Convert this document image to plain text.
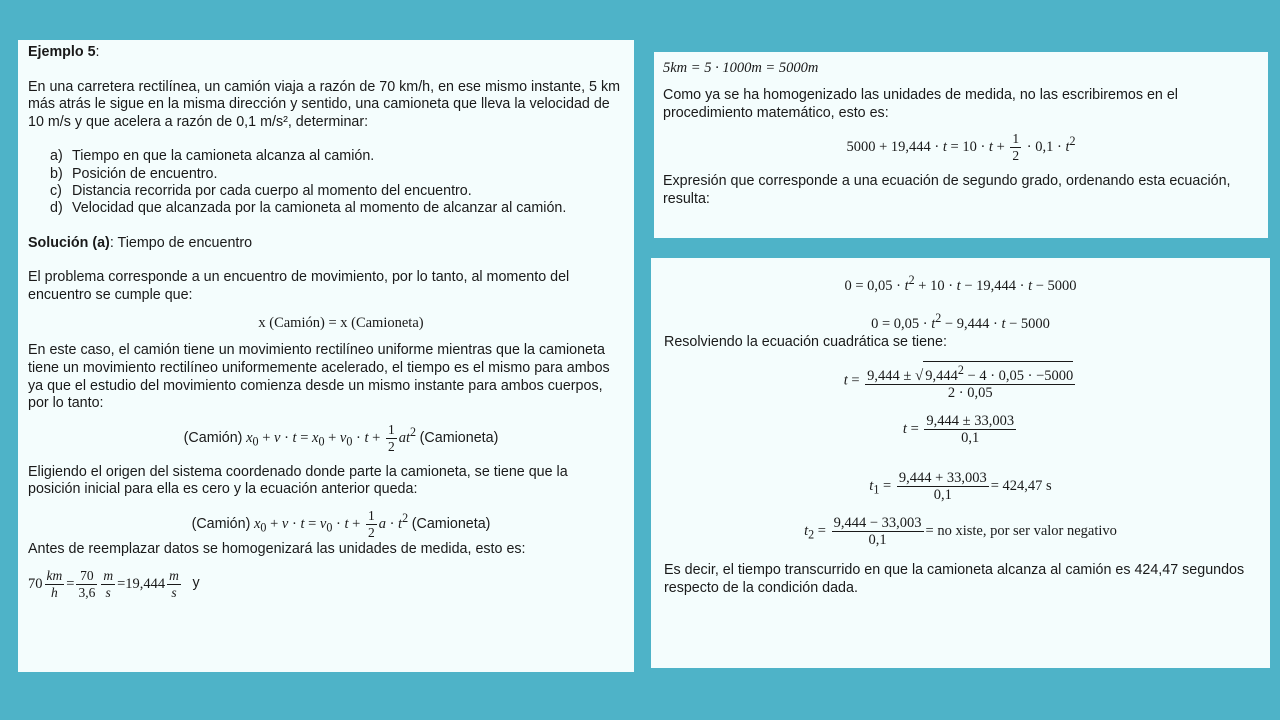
Ejemplo 5:

En una carretera rectilínea, un camión viaja a razón de 70 km/h, en ese mismo instante, 5 km más atrás le sigue en la misma dirección y sentido, una camioneta que lleva la velocidad de 10 m/s y que acelera a razón de 0,1 m/s², determinar:

a) Tiempo en que la camioneta alcanza al camión.
b) Posición de encuentro.
c) Distancia recorrida por cada cuerpo al momento del encuentro.
d) Velocidad que alcanzada por la camioneta al momento de alcanzar al camión.

Solución (a): Tiempo de encuentro

El problema corresponde a un encuentro de movimiento, por lo tanto, al momento del encuentro se cumple que:

x (Camión) = x (Camioneta)

En este caso, el camión tiene un movimiento rectilíneo uniforme mientras que la camioneta tiene un movimiento rectilíneo uniformemente acelerado, el tiempo es el mismo para ambos ya que el estudio del movimiento comienza desde un mismo instante para ambos cuerpos, por lo tanto:

(Camión) $x_0 + v \cdot t = x_0 + v_0 \cdot t + \frac{1}{2} at^2$ (Camioneta)

Eligiendo el origen del sistema coordenado donde parte la camioneta, se tiene que la posición inicial para ella es cero y la ecuación anterior queda:

(Camión) $x_0 + v \cdot t = v_0 \cdot t + \frac{1}{2}$ $a \cdot t^2$ (Camioneta)

Antes de reemplazar datos se homogenizará las unidades de medida, esto es:

$70 \frac{km}{h} = \frac{70}{3,6} \frac{m}{s} =19,444 \frac{m}{s}$ y

5km = 5 · 1000m = 5000m

Como ya se ha homogenizado las unidades de medida, no las escribiremos en el procedimiento matemático, esto es:

$5000 + 19,444 \cdot t = 10 \cdot t + \frac{1}{2} \cdot 0,1 \cdot t^2$

Expresión que corresponde a una ecuación de segundo grado, ordenando esta ecuación, resulta:

$0 = 0,05 \cdot t^2 + 10 \cdot t - 19,444 \cdot t - 5000$

$0 = 0,05 \cdot t^2 - 9,444 \cdot t - 5000$

Resolviendo la ecuación cuadrática se tiene:

$t = \frac{9,444 \pm √ 9,444^2 - 4 \cdot 0,05 \cdot -5000}{2 \cdot 0,05}$

$t = \frac{9,444 \pm 33,003}{0,1}$

$t_1 = \frac{9,444 + 33,003}{0,1} = 424,47$ s

$t_2 = \frac{9,444 - 33,003}{0,1}$ = no xiste, por ser valor negativo

Es decir, el tiempo transcurrido en que la camioneta alcanza al camión es 424,47 segundos respecto de la condición dada.
